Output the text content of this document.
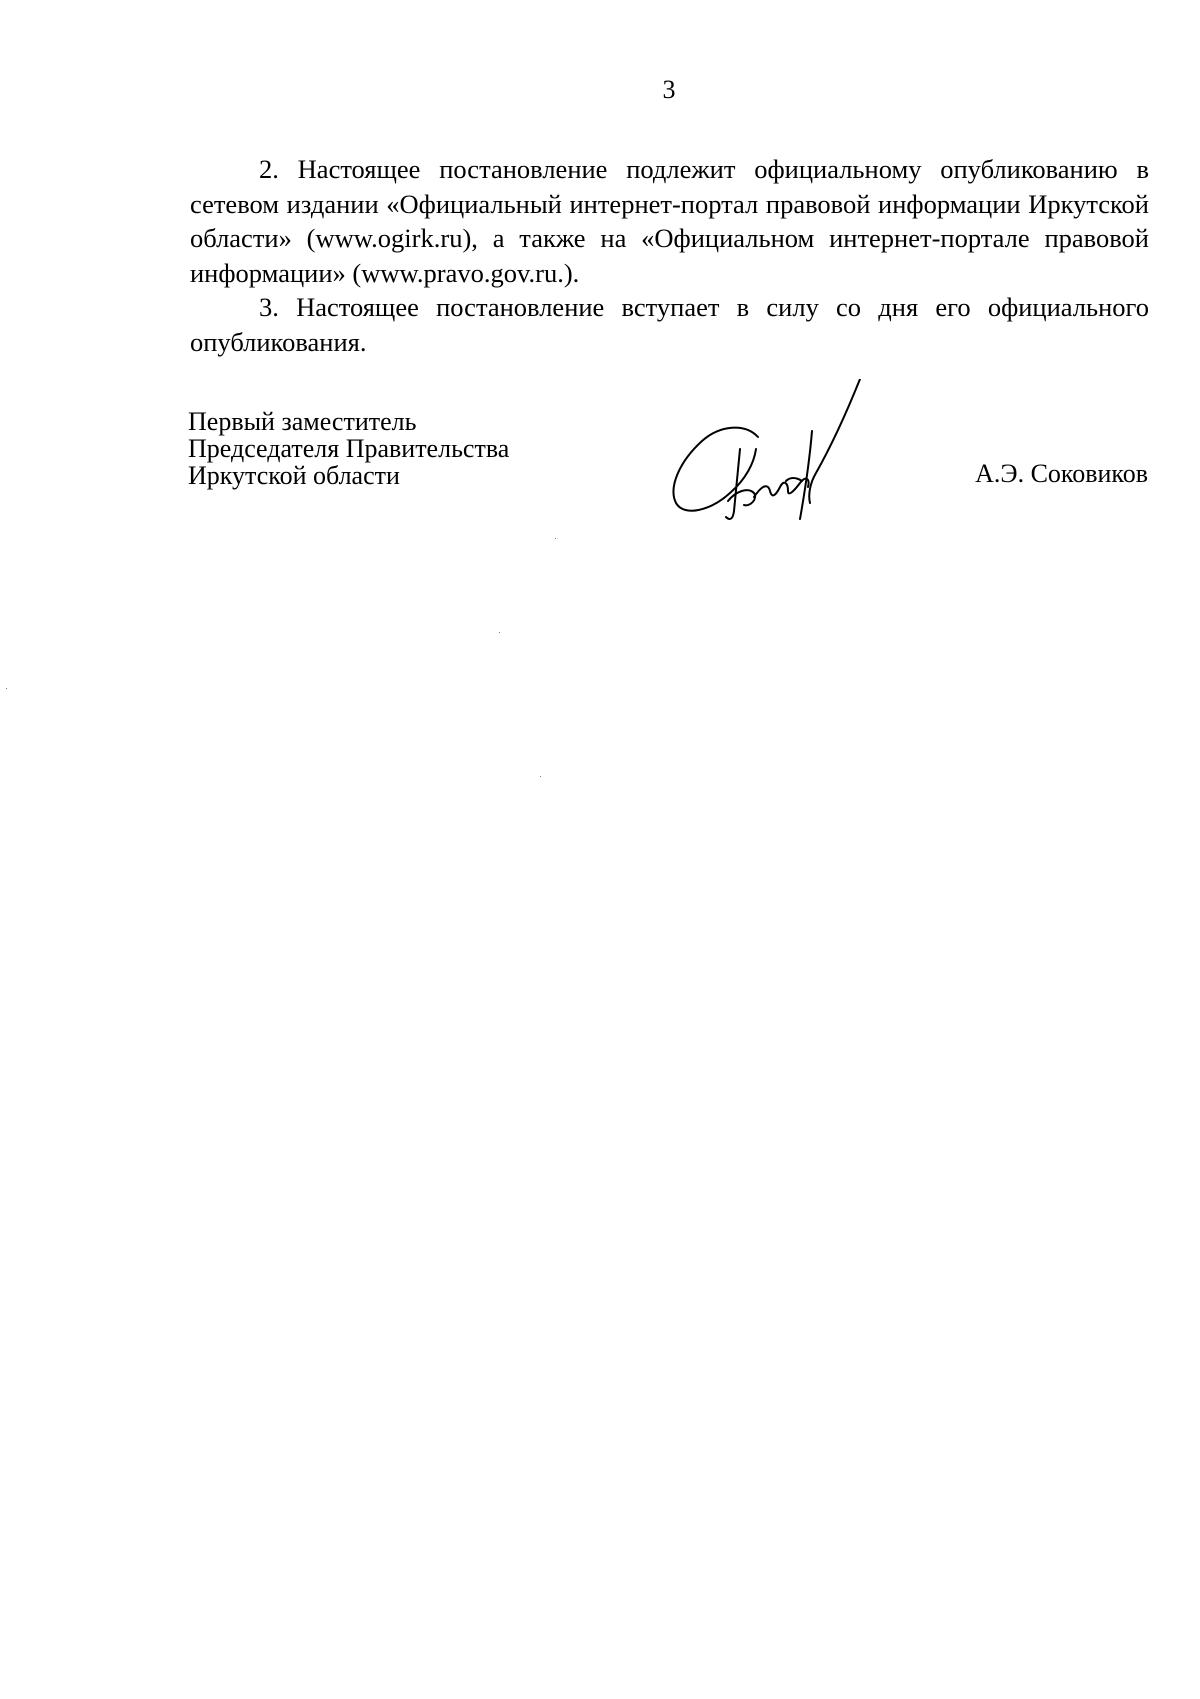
3

2. Настоящее постановление подлежит официальному опубликованию в сетевом издании «Официальный интернет-портал правовой информации Иркутской области» (www.ogirk.ru), а также на «Официальном интернет-портале правовой информации» (www.pravo.gov.ru.).

3. Настоящее постановление вступает в силу со дня его официального опубликования.

Первый заместитель
Председателя Правительства
Иркутской области	А.Э. Соковиков
